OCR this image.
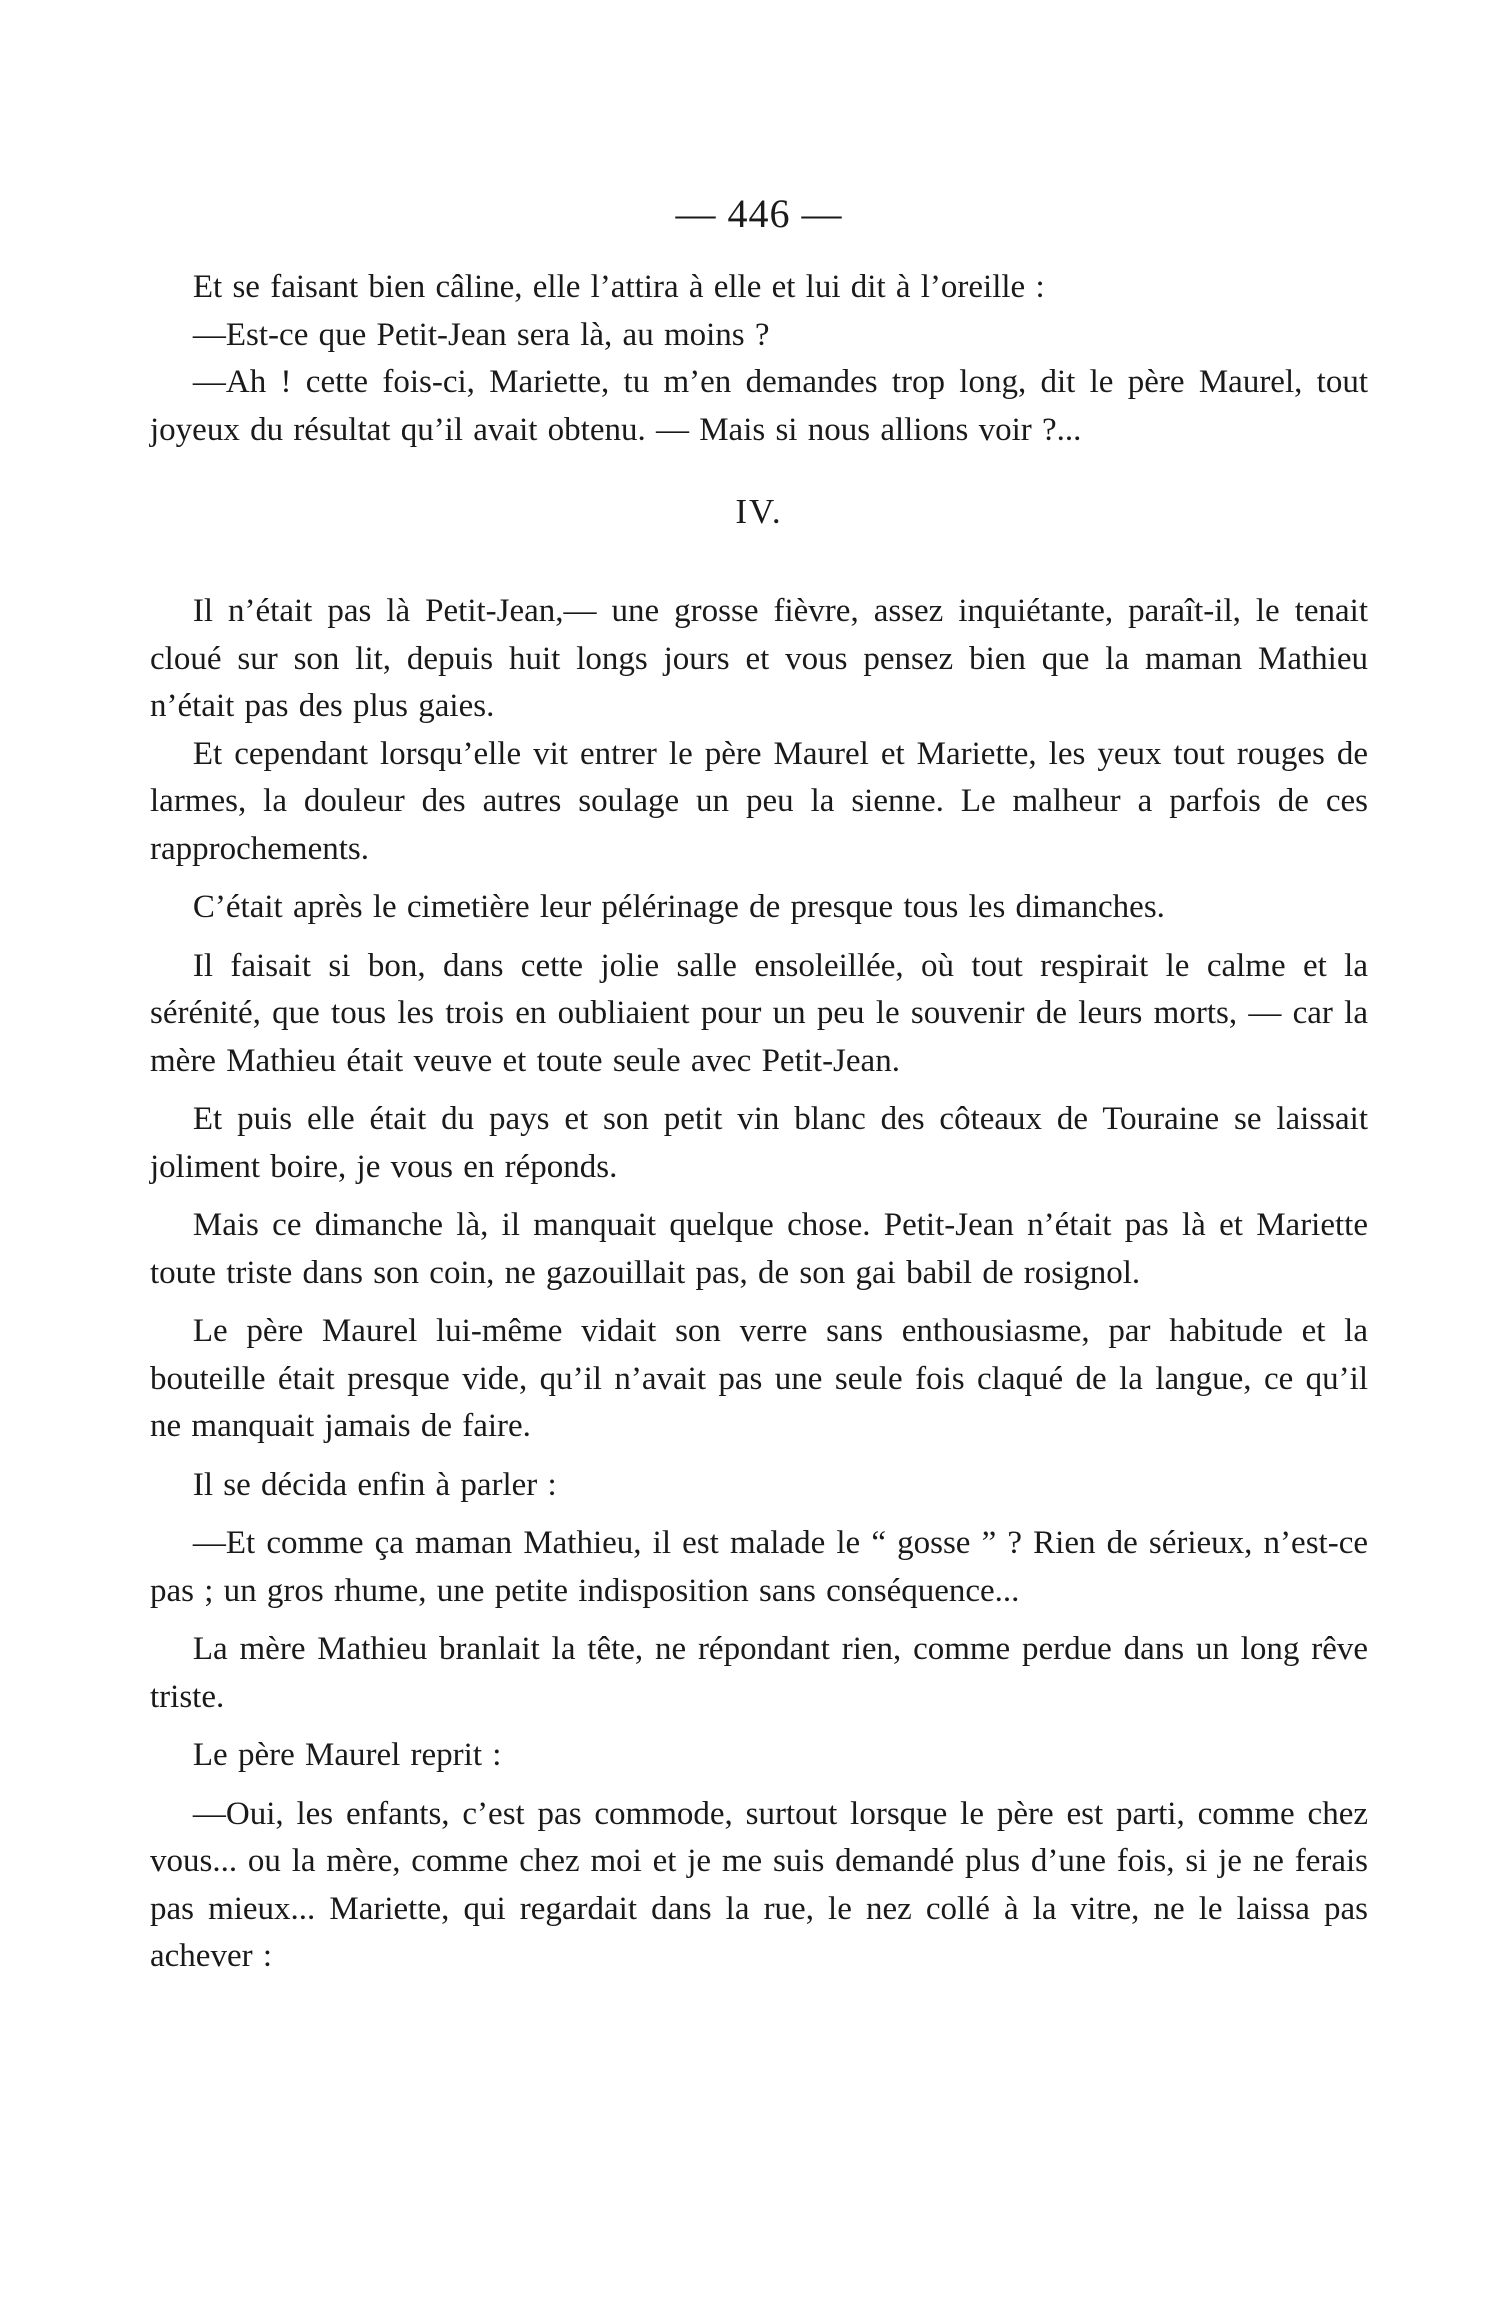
— 446 —

Et se faisant bien câline, elle l’attira à elle et lui dit à l’oreille :

—Est-ce que Petit-Jean sera là, au moins ?

—Ah ! cette fois-ci, Mariette, tu m’en demandes trop long, dit le père Maurel, tout joyeux du résultat qu’il avait obtenu. — Mais si nous allions voir ?...

IV.

Il n’était pas là Petit-Jean,— une grosse fièvre, assez inquiétante, paraît-il, le tenait cloué sur son lit, depuis huit longs jours et vous pensez bien que la maman Mathieu n’était pas des plus gaies.

Et cependant lorsqu’elle vit entrer le père Maurel et Mariette, les yeux tout rouges de larmes, la douleur des autres soulage un peu la sienne. Le malheur a parfois de ces rapprochements.

C’était après le cimetière leur pélérinage de presque tous les dimanches.

Il faisait si bon, dans cette jolie salle ensoleillée, où tout respirait le calme et la sérénité, que tous les trois en oubliaient pour un peu le souvenir de leurs morts, — car la mère Mathieu était veuve et toute seule avec Petit-Jean.

Et puis elle était du pays et son petit vin blanc des côteaux de Touraine se laissait joliment boire, je vous en réponds.

Mais ce dimanche là, il manquait quelque chose. Petit-Jean n’était pas là et Mariette toute triste dans son coin, ne gazouillait pas, de son gai babil de rosignol.

Le père Maurel lui-même vidait son verre sans enthousiasme, par habitude et la bouteille était presque vide, qu’il n’avait pas une seule fois claqué de la langue, ce qu’il ne manquait jamais de faire.

Il se décida enfin à parler :

—Et comme ça maman Mathieu, il est malade le “ gosse ” ? Rien de sérieux, n’est-ce pas ; un gros rhume, une petite indisposition sans conséquence...

La mère Mathieu branlait la tête, ne répondant rien, comme perdue dans un long rêve triste.

Le père Maurel reprit :

—Oui, les enfants, c’est pas commode, surtout lorsque le père est parti, comme chez vous... ou la mère, comme chez moi et je me suis demandé plus d’une fois, si je ne ferais pas mieux... Mariette, qui regardait dans la rue, le nez collé à la vitre, ne le laissa pas achever :
